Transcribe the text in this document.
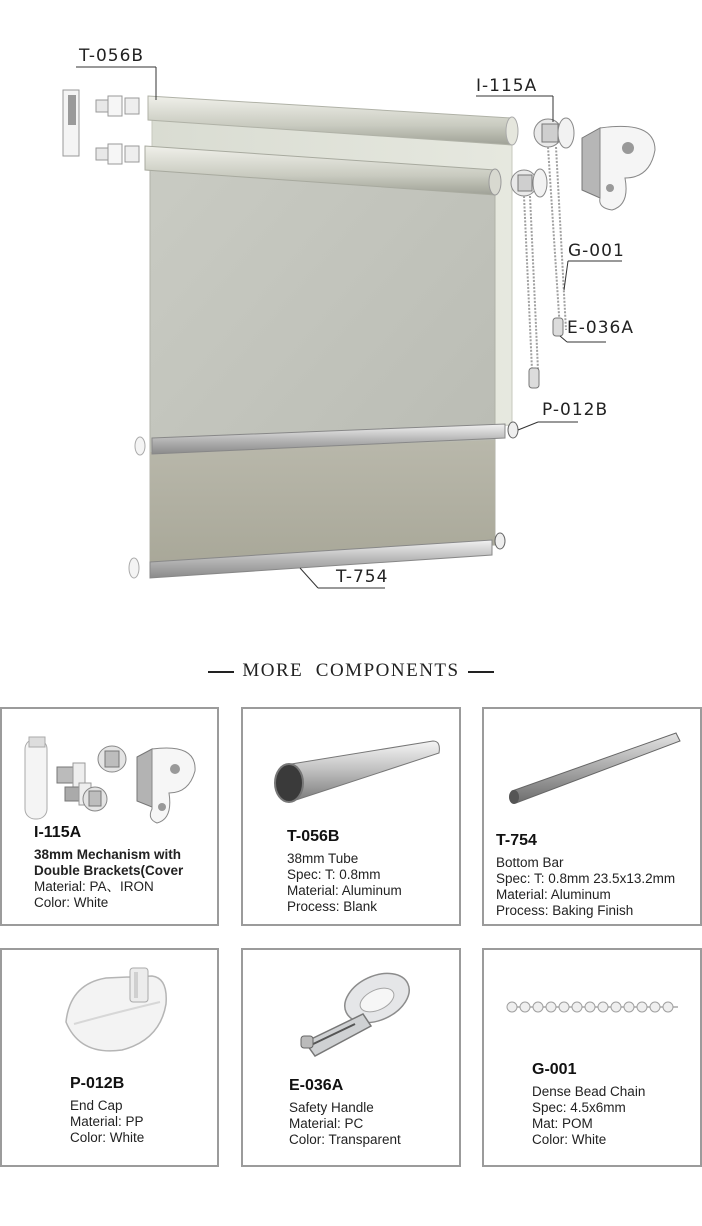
T-056B
I-115A
G-001
E-036A
P-012B
T-754
MORE  COMPONENTS
I-115A
38mm Mechanism with
Double Brackets(Cover
Material: PA、IRON
Color: White
T-056B
38mm Tube
Spec: T: 0.8mm
Material: Aluminum
Process: Blank
T-754
Bottom Bar
Spec: T: 0.8mm 23.5x13.2mm
Material: Aluminum
Process: Baking Finish
P-012B
End Cap
Material: PP
Color: White
E-036A
Safety Handle
Material: PC
Color: Transparent
G-001
Dense Bead Chain
Spec: 4.5x6mm
Mat: POM
Color: White
